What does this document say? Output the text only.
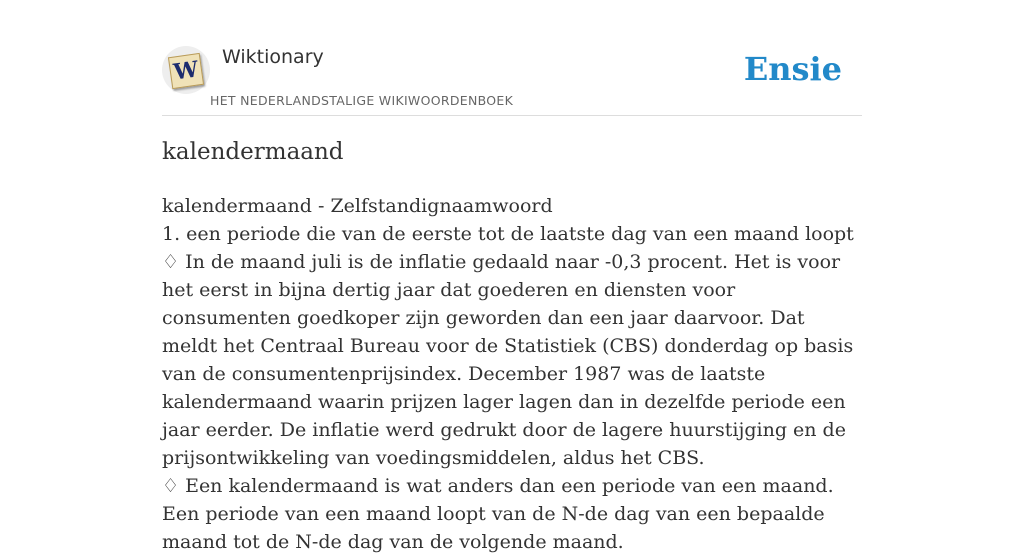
W Wiktionary
HET NEDERLANDSTALIGE WIKIWOORDENBOEK
Ensie
kalendermaand

kalendermaand - Zelfstandignaamwoord

1. een periode die van de eerste tot de laatste dag van een maand loopt

♢ In de maand juli is de inflatie gedaald naar -0,3 procent. Het is voor het eerst in bijna dertig jaar dat goederen en diensten voor consumenten goedkoper zijn geworden dan een jaar daarvoor. Dat meldt het Centraal Bureau voor de Statistiek (CBS) donderdag op basis van de consumentenprijsindex. December 1987 was de laatste kalendermaand waarin prijzen lager lagen dan in dezelfde periode een jaar eerder. De inflatie werd gedrukt door de lagere huurstijging en de prijsontwikkeling van voedingsmiddelen, aldus het CBS.

♢ Een kalendermaand is wat anders dan een periode van een maand. Een periode van een maand loopt van de N-de dag van een bepaalde maand tot de N-de dag van de volgende maand.
